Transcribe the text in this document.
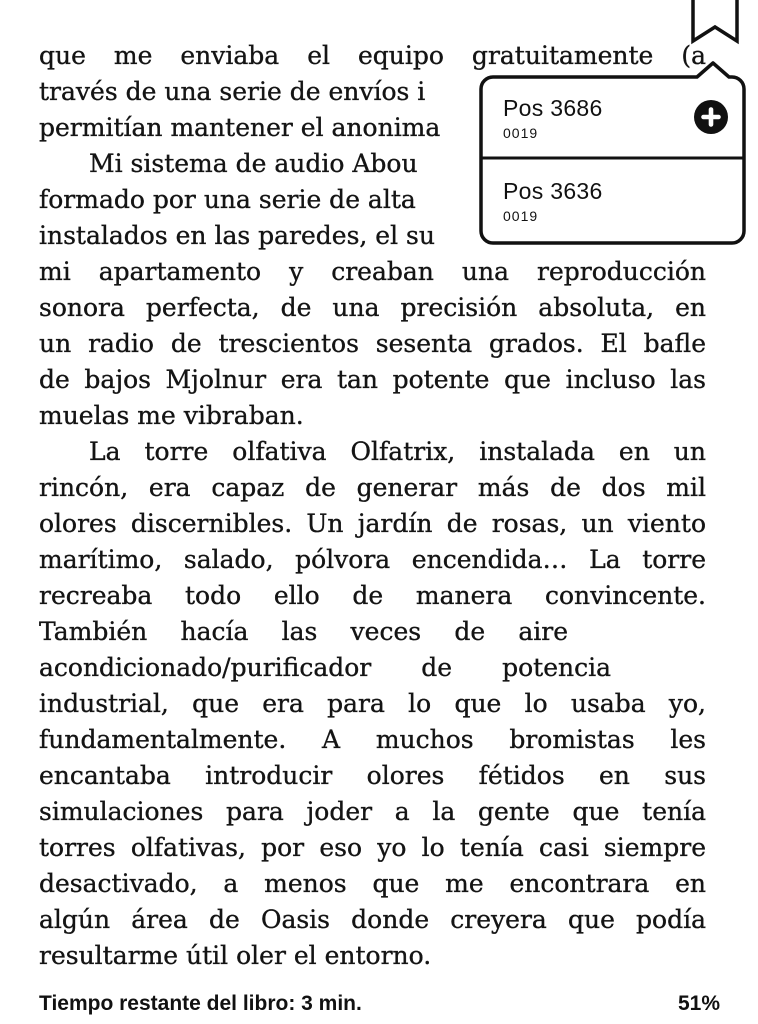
que me enviaba el equipo gratuitamente (a
través de una serie de envíos i
permitían mantener el anonima
Mi sistema de audio Abou
formado por una serie de alta
instalados en las paredes, el su
mi apartamento y creaban una reproducción
sonora perfecta, de una precisión absoluta, en
un radio de trescientos sesenta grados. El bafle
de bajos Mjolnur era tan potente que incluso las
muelas me vibraban.
La torre olfativa Olfatrix, instalada en un
rincón, era capaz de generar más de dos mil
olores discernibles. Un jardín de rosas, un viento
marítimo, salado, pólvora encendida… La torre
recreaba todo ello de manera convincente.
También hacía las veces de aire
acondicionado/purificador de potencia
industrial, que era para lo que lo usaba yo,
fundamentalmente. A muchos bromistas les
encantaba introducir olores fétidos en sus
simulaciones para joder a la gente que tenía
torres olfativas, por eso yo lo tenía casi siempre
desactivado, a menos que me encontrara en
algún área de Oasis donde creyera que podía
resultarme útil oler el entorno.
Pos 3686
0019
Pos 3636
0019
Tiempo restante del libro: 3 min.	51%
